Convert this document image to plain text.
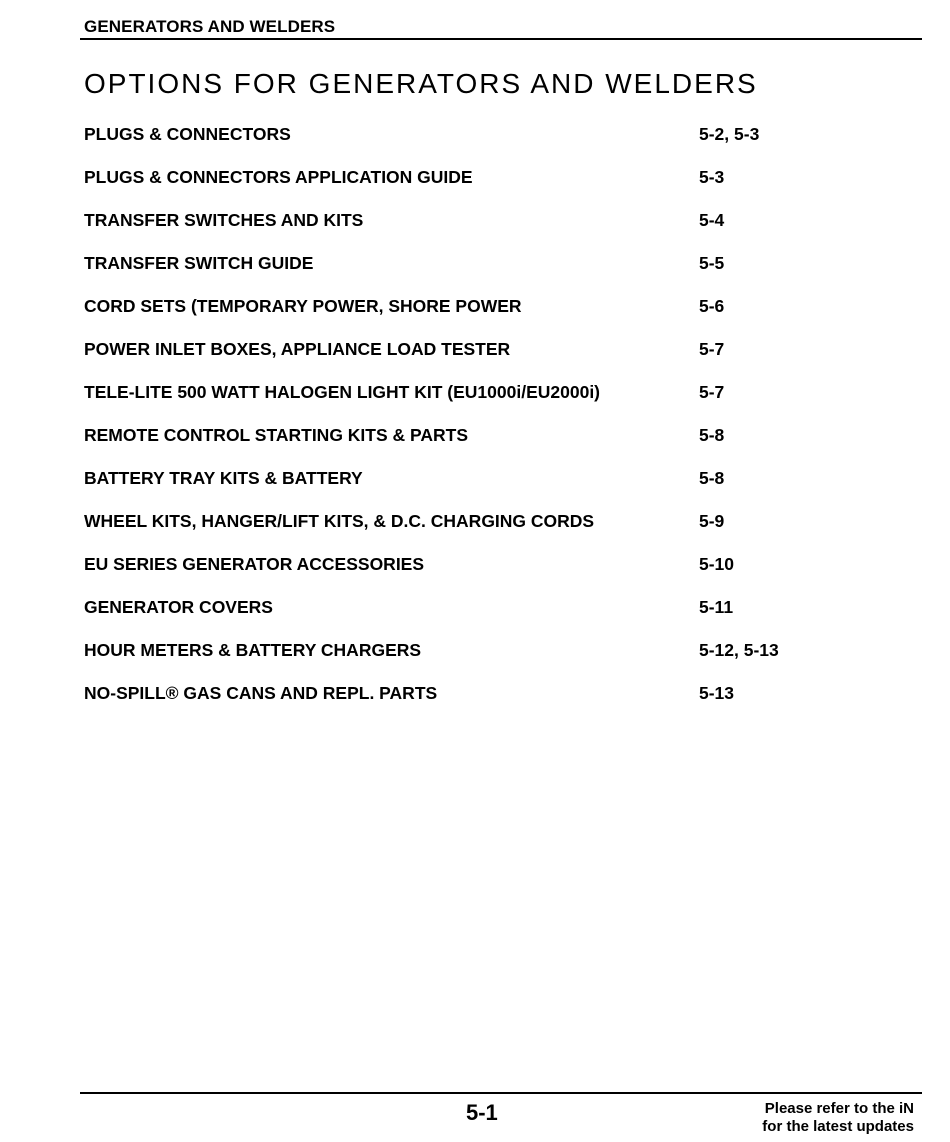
GENERATORS AND WELDERS
OPTIONS FOR GENERATORS AND WELDERS
PLUGS & CONNECTORS	5-2, 5-3
PLUGS & CONNECTORS APPLICATION GUIDE	5-3
TRANSFER SWITCHES AND KITS	5-4
TRANSFER SWITCH GUIDE	5-5
CORD SETS (TEMPORARY POWER, SHORE POWER	5-6
POWER INLET BOXES, APPLIANCE LOAD TESTER	5-7
TELE-LITE 500 WATT HALOGEN LIGHT KIT (EU1000i/EU2000i)	5-7
REMOTE CONTROL STARTING KITS & PARTS	5-8
BATTERY TRAY KITS & BATTERY	5-8
WHEEL KITS, HANGER/LIFT KITS, & D.C. CHARGING CORDS	5-9
EU SERIES GENERATOR ACCESSORIES	5-10
GENERATOR COVERS	5-11
HOUR METERS & BATTERY CHARGERS	5-12, 5-13
NO-SPILL® GAS CANS AND REPL. PARTS	5-13
5-1	Please refer to the iN
for the latest updates
